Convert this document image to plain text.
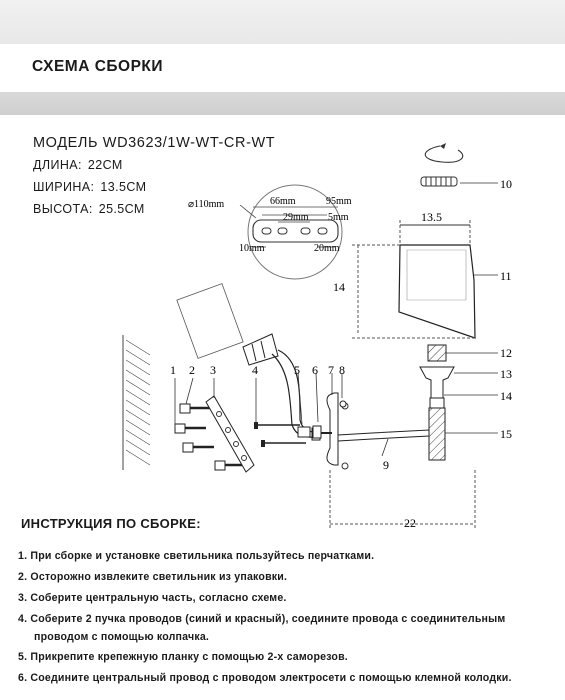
СХЕМА СБОРКИ
МОДЕЛЬ WD3623/1W-WT-CR-WT
ДЛИНА: 22СМ
ШИРИНА: 13.5СМ
ВЫСОТА: 25.5СМ	⌀110mm	66mm	95mm
29mm 5mm
10mm	20mm
13.5
14
22
1 2 3	4	5 6 7 8
9
10
11
12
13
14
15
ИНСТРУКЦИЯ ПО СБОРКЕ:
1. При сборке и установке светильника пользуйтесь перчатками.
2. Осторожно извлеките светильник из упаковки.
3. Соберите центральную часть, согласно схеме.
4. Соберите 2 пучка проводов (синий и красный), соедините провода с соединительным
проводом с помощью колпачка.
5. Прикрепите крепежную планку с помощью 2-х саморезов.
6. Соедините центральный провод с проводом электросети с помощью клемной колодки.
